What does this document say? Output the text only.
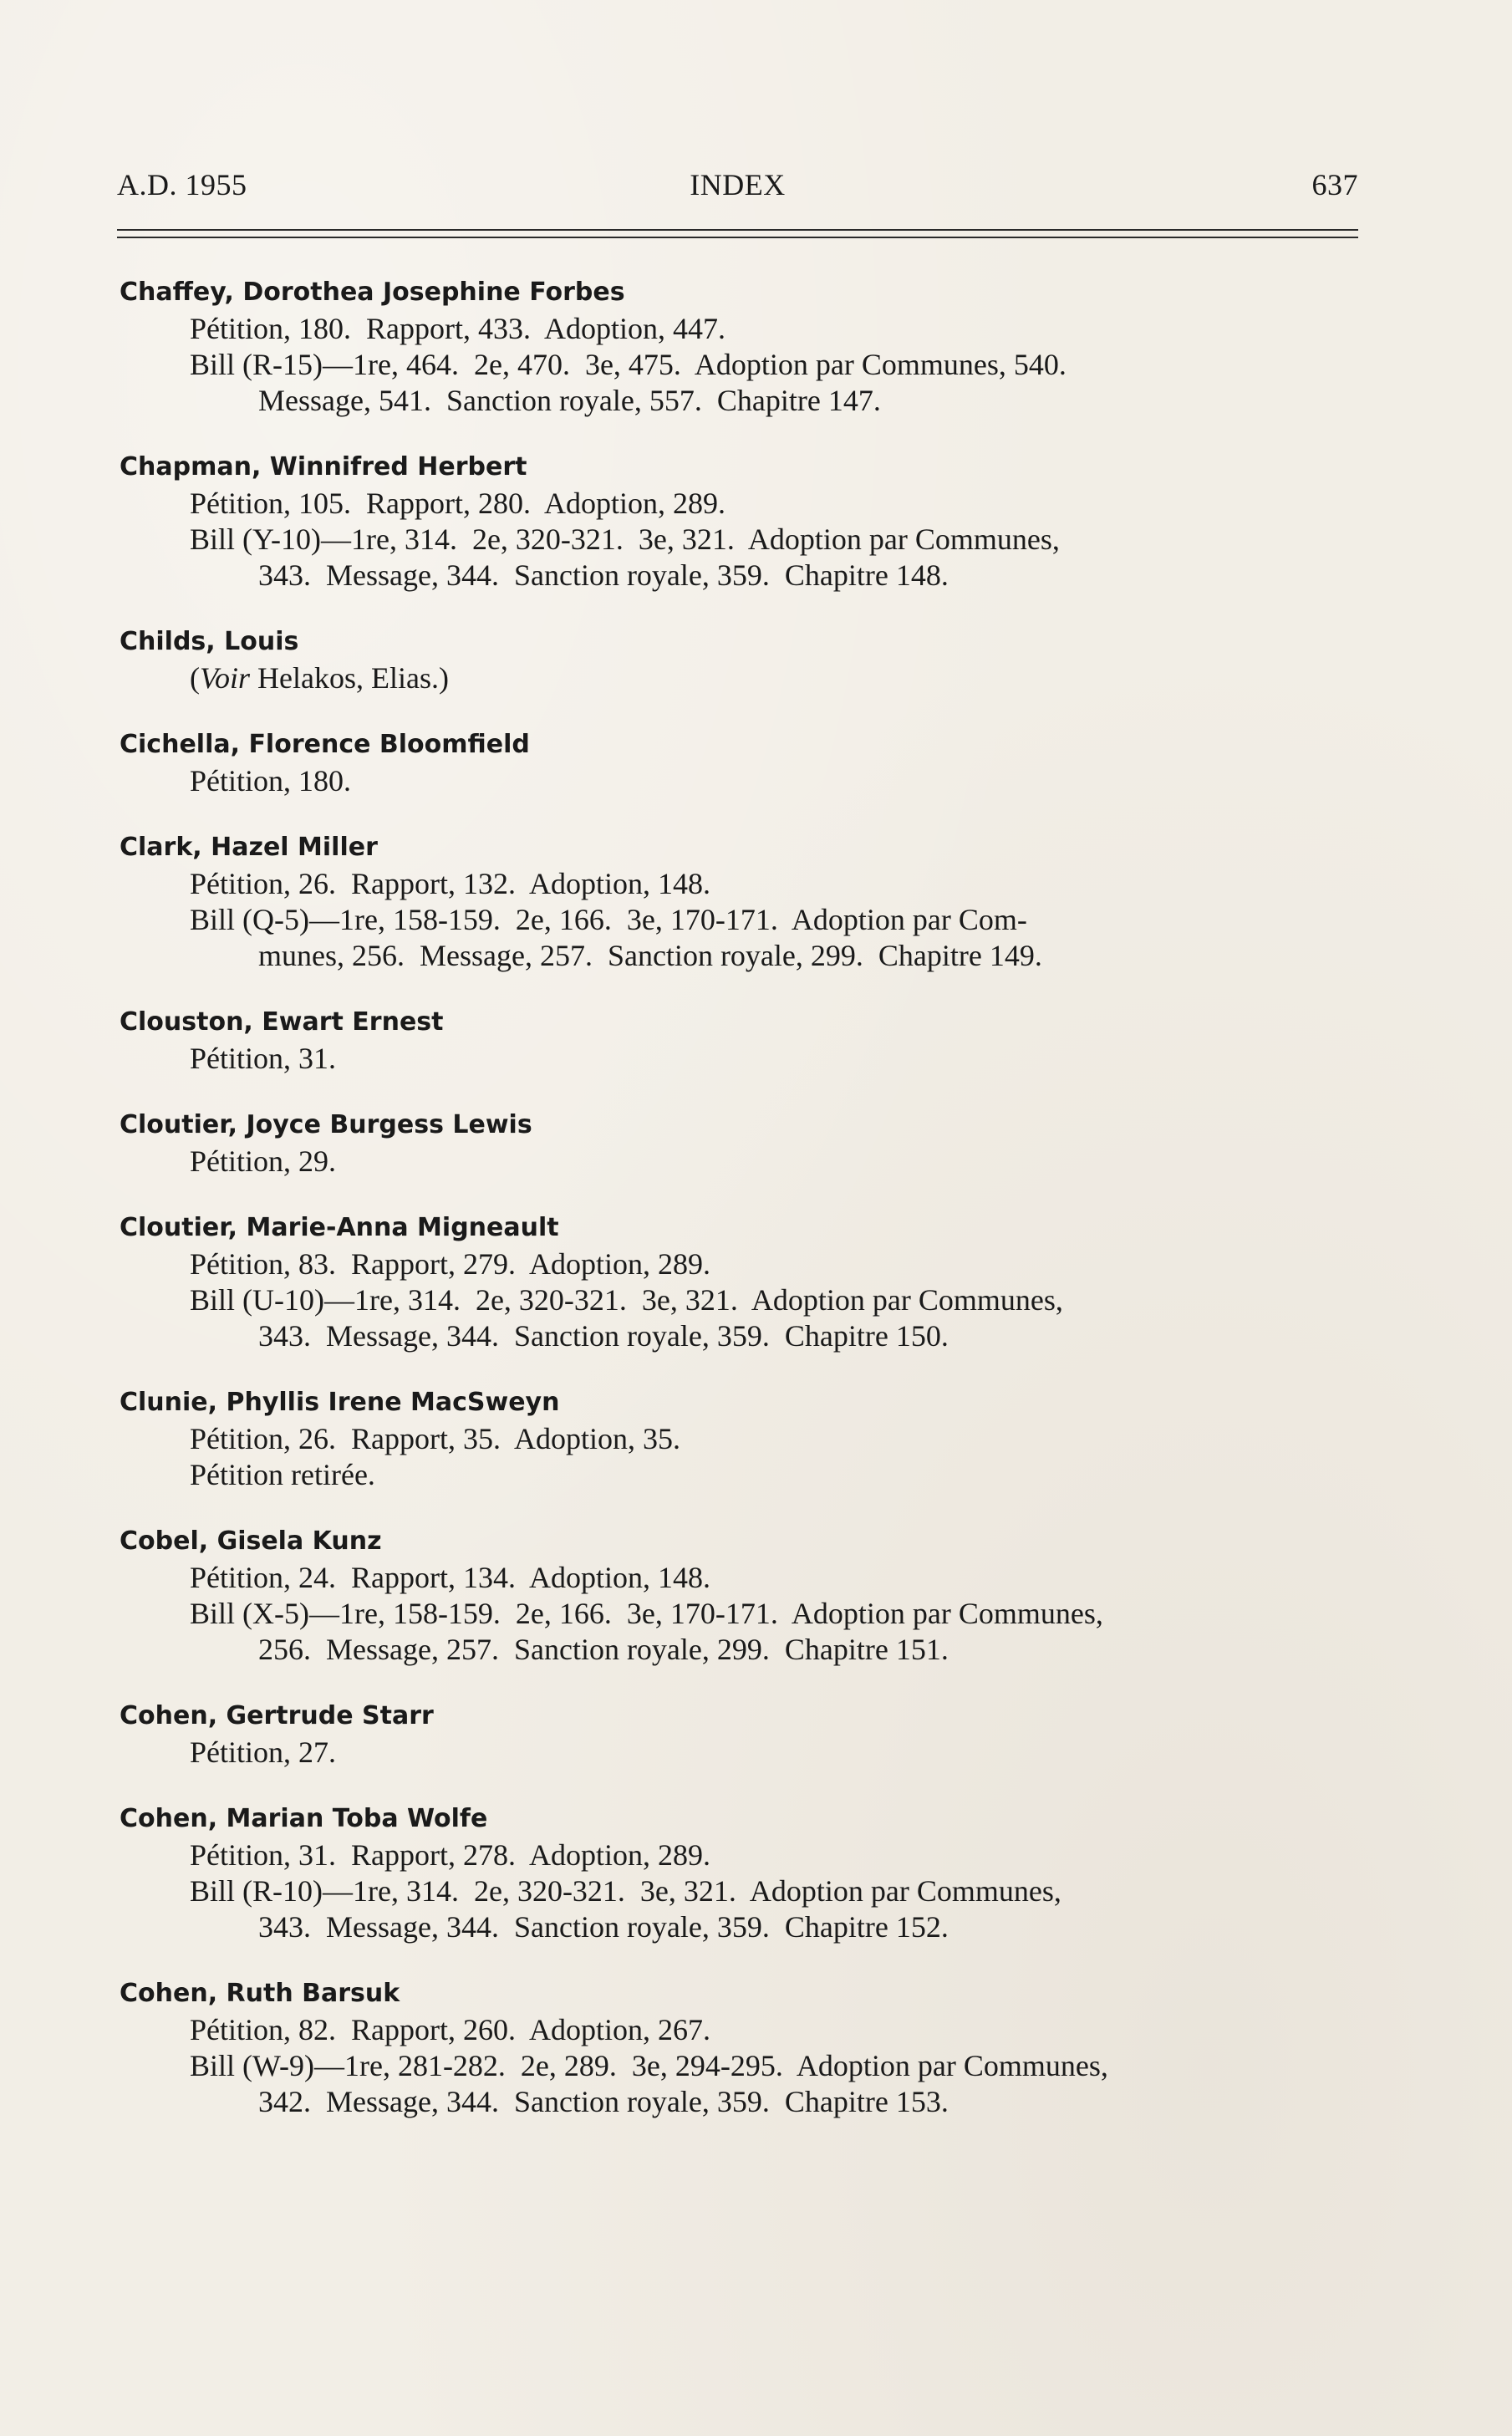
A.D. 1955	INDEX	637
Chaffey, Dorothea Josephine Forbes
Pétition, 180.  Rapport, 433.  Adoption, 447.
Bill (R-15)—1re, 464.  2e, 470.  3e, 475.  Adoption par Communes, 540.
Message, 541.  Sanction royale, 557.  Chapitre 147.
Chapman, Winnifred Herbert
Pétition, 105.  Rapport, 280.  Adoption, 289.
Bill (Y-10)—1re, 314.  2e, 320-321.  3e, 321.  Adoption par Communes,
343.  Message, 344.  Sanction royale, 359.  Chapitre 148.
Childs, Louis
(Voir Helakos, Elias.)
Cichella, Florence Bloomfield
Pétition, 180.
Clark, Hazel Miller
Pétition, 26.  Rapport, 132.  Adoption, 148.
Bill (Q-5)—1re, 158-159.  2e, 166.  3e, 170-171.  Adoption par Com-
munes, 256.  Message, 257.  Sanction royale, 299.  Chapitre 149.
Clouston, Ewart Ernest
Pétition, 31.
Cloutier, Joyce Burgess Lewis
Pétition, 29.
Cloutier, Marie-Anna Migneault
Pétition, 83.  Rapport, 279.  Adoption, 289.
Bill (U-10)—1re, 314.  2e, 320-321.  3e, 321.  Adoption par Communes,
343.  Message, 344.  Sanction royale, 359.  Chapitre 150.
Clunie, Phyllis Irene MacSweyn
Pétition, 26.  Rapport, 35.  Adoption, 35.
Pétition retirée.
Cobel, Gisela Kunz
Pétition, 24.  Rapport, 134.  Adoption, 148.
Bill (X-5)—1re, 158-159.  2e, 166.  3e, 170-171.  Adoption par Communes,
256.  Message, 257.  Sanction royale, 299.  Chapitre 151.
Cohen, Gertrude Starr
Pétition, 27.
Cohen, Marian Toba Wolfe
Pétition, 31.  Rapport, 278.  Adoption, 289.
Bill (R-10)—1re, 314.  2e, 320-321.  3e, 321.  Adoption par Communes,
343.  Message, 344.  Sanction royale, 359.  Chapitre 152.
Cohen, Ruth Barsuk
Pétition, 82.  Rapport, 260.  Adoption, 267.
Bill (W-9)—1re, 281-282.  2e, 289.  3e, 294-295.  Adoption par Communes,
342.  Message, 344.  Sanction royale, 359.  Chapitre 153.
